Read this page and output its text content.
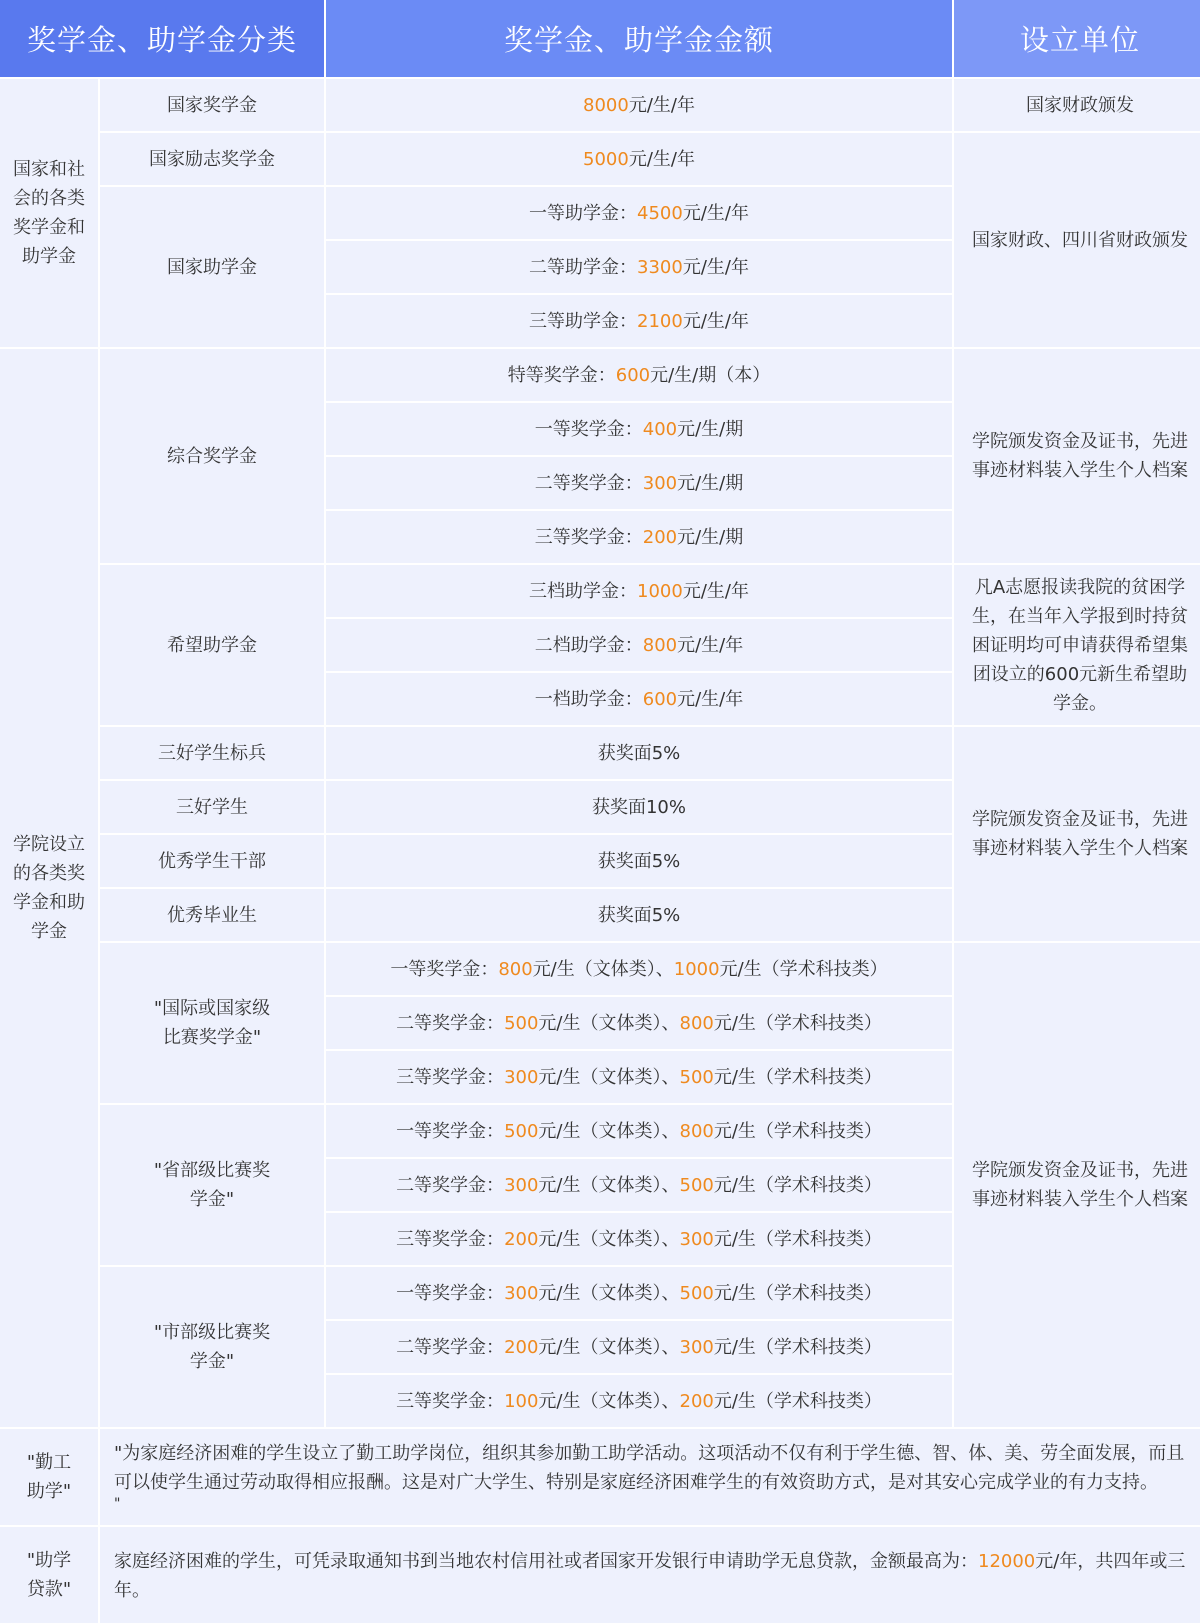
奖学金、助学金分类	奖学金、助学金金额	设立单位
国家和社会的各类奖学金和助学金
学院设立的各类奖学金和助学金
国家奖学金
国家励志奖学金
国家助学金
综合奖学金
希望助学金
三好学生标兵
三好学生
优秀学生干部
优秀毕业生
"国际或国家级比赛奖学金"
"省部级比赛奖学金"
"市部级比赛奖学金"
8000 元/生/年
5000 元/生/年
一等助学金： 4500 元/生/年
二等助学金： 3300 元/生/年
三等助学金： 2100 元/生/年
特等奖学金： 600 元/生/期（本）
一等奖学金： 400 元/生/期
二等奖学金： 300 元/生/期
三等奖学金： 200 元/生/期
三档助学金： 1000 元/生/年
二档助学金： 800 元/生/年
一档助学金： 600 元/生/年
获奖面5%
获奖面10%
获奖面5%
获奖面5%
一等奖学金： 800 元/生（文体类）、 1000 元/生（学术科技类）
二等奖学金： 500 元/生（文体类）、 800 元/生（学术科技类）
三等奖学金： 300 元/生（文体类）、 500 元/生（学术科技类）
一等奖学金： 500 元/生（文体类）、 800 元/生（学术科技类）
二等奖学金： 300 元/生（文体类）、 500 元/生（学术科技类）
三等奖学金： 200 元/生（文体类）、 300 元/生（学术科技类）
一等奖学金： 300 元/生（文体类）、 500 元/生（学术科技类）
二等奖学金： 200 元/生（文体类）、 300 元/生（学术科技类）
三等奖学金： 100 元/生（文体类）、 200 元/生（学术科技类）
国家财政颁发
国家财政、四川省财政颁发
学院颁发资金及证书，先进事迹材料装入学生个人档案
凡A志愿报读我院的贫困学生，在当年入学报到时持贫困证明均可申请获得希望集团设立的600元新生希望助学金。
学院颁发资金及证书，先进事迹材料装入学生个人档案
学院颁发资金及证书，先进事迹材料装入学生个人档案
"勤工助学"
"为家庭经济困难的学生设立了勤工助学岗位，组织其参加勤工助学活动。这项活动不仅有利于学生德、智、体、美、劳全面发展，而且可以使学生通过劳动取得相应报酬。这是对广大学生、特别是家庭经济困难学生的有效资助方式，是对其安心完成学业的有力支持。
"
"助学贷款"
家庭经济困难的学生，可凭录取通知书到当地农村信用社或者国家开发银行申请助学无息贷款，金额最高为：12000元/年，共四年或三年。
